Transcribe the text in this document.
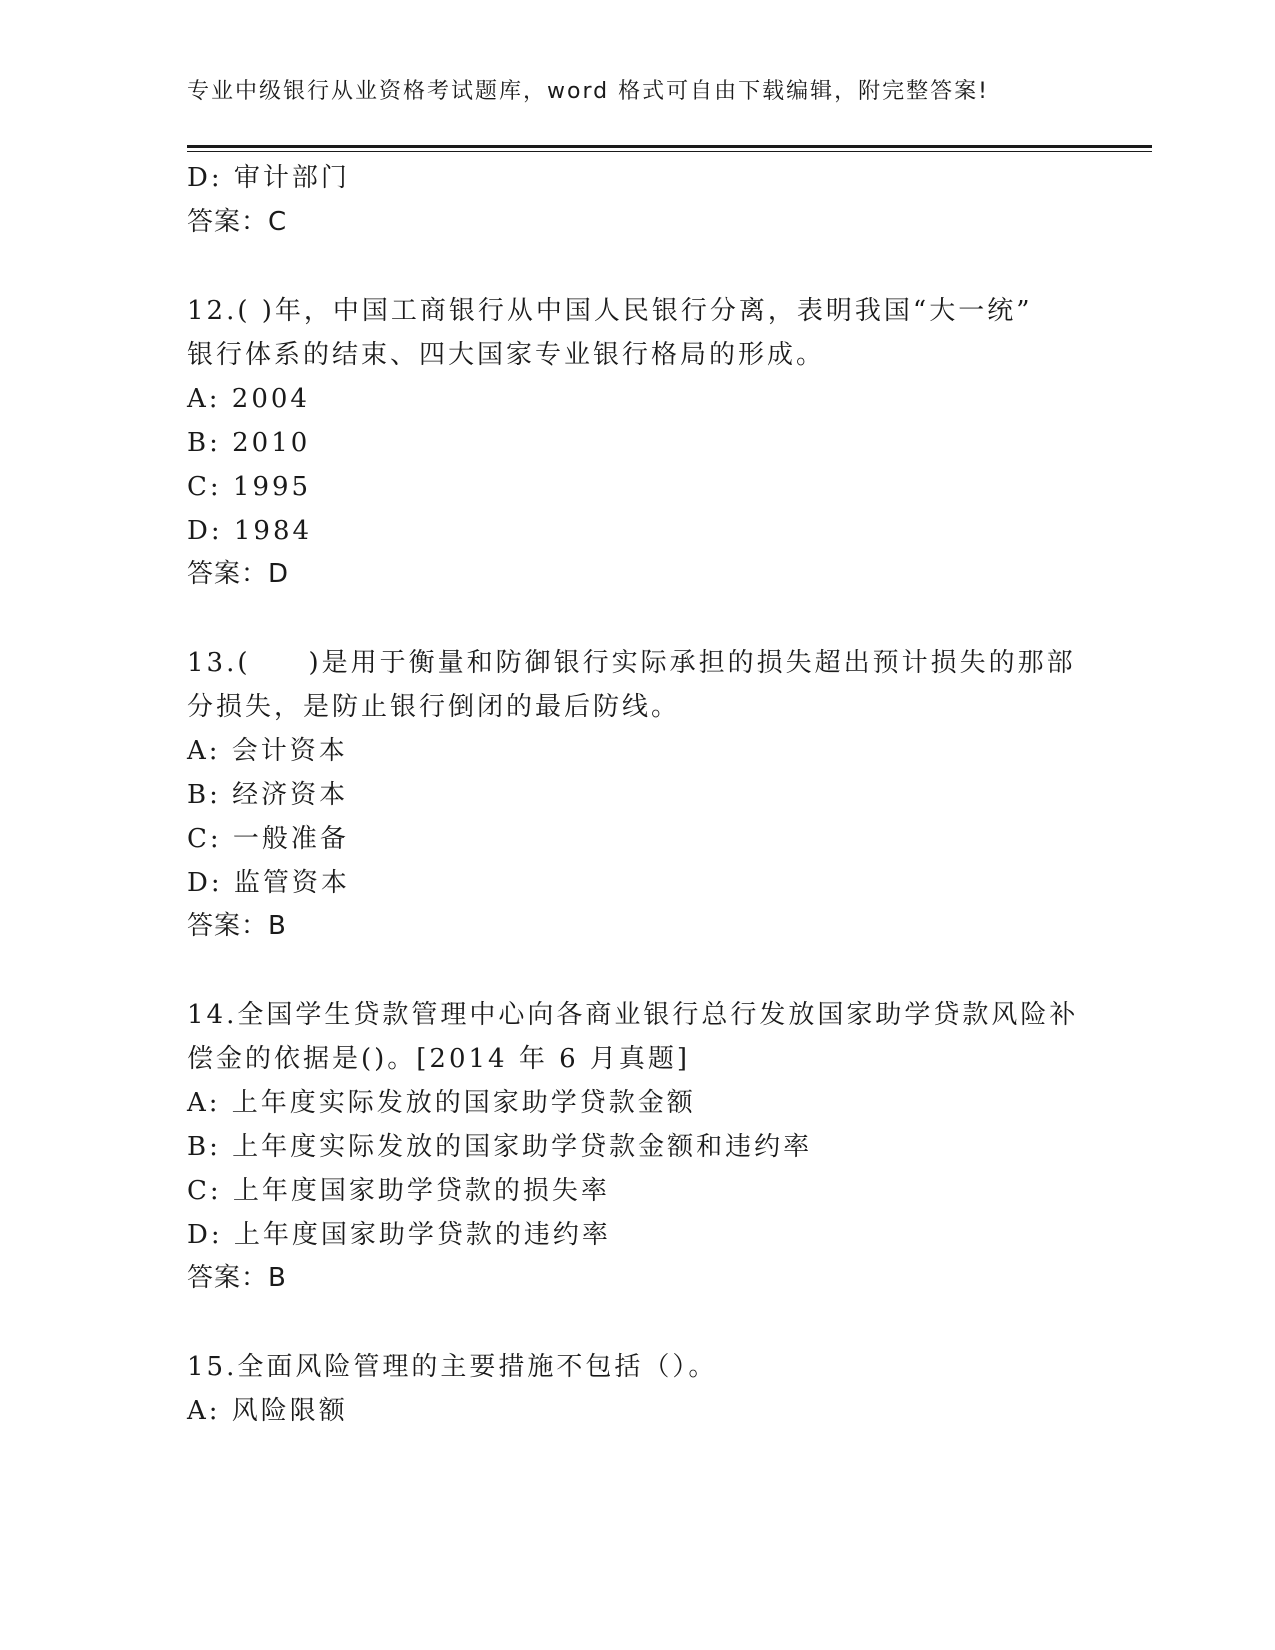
专业中级银行从业资格考试题库，word 格式可自由下载编辑，附完整答案!
D: 审计部门
答案：C
12.( )年，中国工商银行从中国人民银行分离，表明我国“大一统”
银行体系的结束、四大国家专业银行格局的形成。
A: 2004
B: 2010
C: 1995
D: 1984
答案：D
13.(　　)是用于衡量和防御银行实际承担的损失超出预计损失的那部
分损失，是防止银行倒闭的最后防线。
A: 会计资本
B: 经济资本
C: 一般准备
D: 监管资本
答案：B
14.全国学生贷款管理中心向各商业银行总行发放国家助学贷款风险补
偿金的依据是()。[2014 年 6 月真题]
A: 上年度实际发放的国家助学贷款金额
B: 上年度实际发放的国家助学贷款金额和违约率
C: 上年度国家助学贷款的损失率
D: 上年度国家助学贷款的违约率
答案：B
15.全面风险管理的主要措施不包括（）。
A: 风险限额
